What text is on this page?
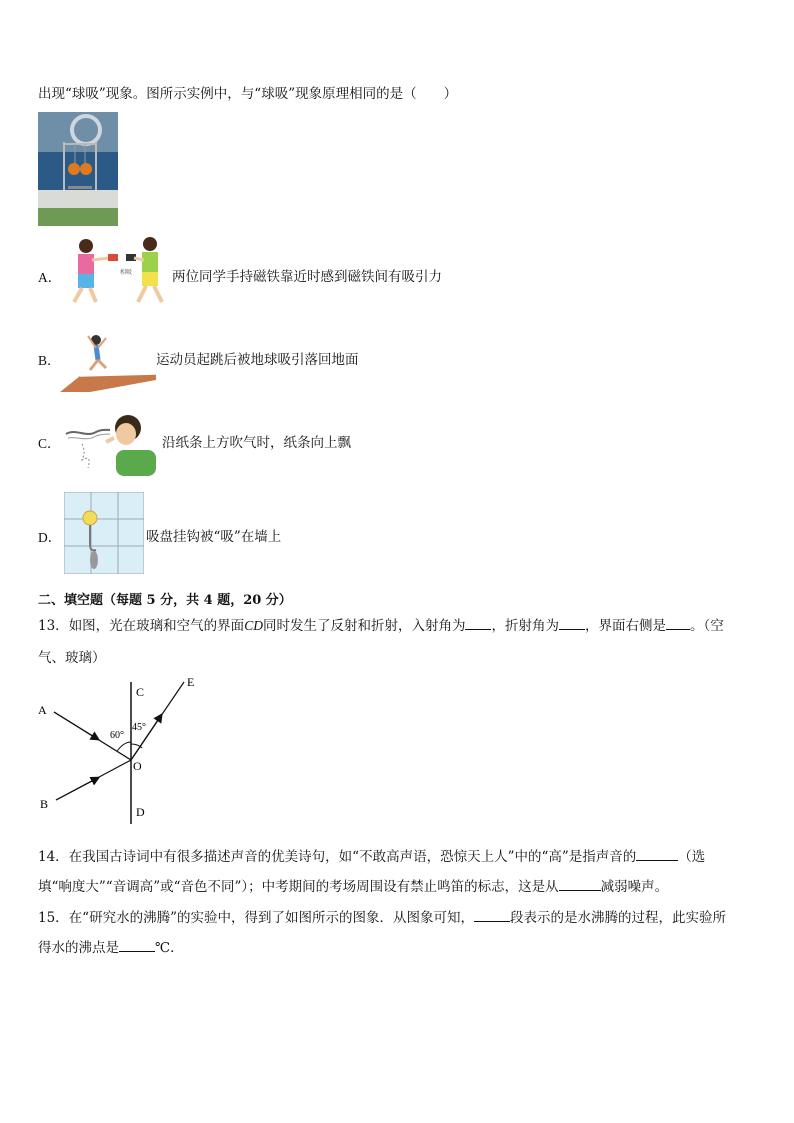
出现“球吸”现象。图所示实例中，与“球吸”现象原理相同的是（　　）
A．	相吸	两位同学手持磁铁靠近时感到磁铁间有吸引力
B．	运动员起跳后被地球吸引落回地面
C．	沿纸条上方吹气时，纸条向上飘
D．	吸盘挂钩被“吸”在墙上
二、填空题（每题 5 分，共 4 题，20 分）
13．如图，光在玻璃和空气的界面CD同时发生了反射和折射，入射角为 ，折射角为 ，界面右侧是 。（空
气、玻璃）
A
B
C
D
E
O
60°
45°
14．在我国古诗词中有很多描述声音的优美诗句，如“不敢高声语，恐惊天上人”中的“高”是指声音的	（选
填“响度大”“音调高”或“音色不同”）；中考期间的考场周围设有禁止鸣笛的标志，这是从	减弱噪声。
15．在“研究水的沸腾”的实验中，得到了如图所示的图象．从图象可知，	段表示的是水沸腾的过程，此实验所
得水的沸点是	℃．
